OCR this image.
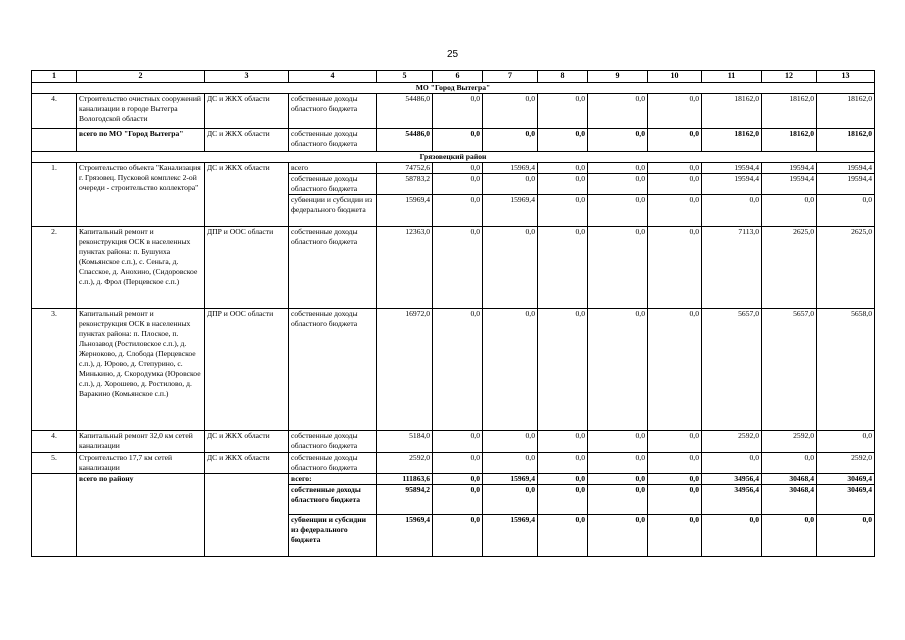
25
1	2	3	4	5	6	7	8	9	10	11	12	13
МО "Город Вытегра"												
4.	Строительство очистных сооружений канализации в городе Вытегра Вологодской области	ДС и ЖКХ области	собственные доходы областного бюджета	54486,0	0,0	0,0	0,0	0,0	0,0	18162,0	18162,0	18162,0
	всего по МО "Город Вытегра"	ДС и ЖКХ области	собственные доходы областного бюджета	54486,0	0,0	0,0	0,0	0,0	0,0	18162,0	18162,0	18162,0
Грязовецкий район												
1.	Строительство объекта "Канализация г. Грязовец. Пусковой комплекс 2-ой очереди - строительство коллектора"	ДС и ЖКХ области	всего	74752,6	0,0	15969,4	0,0	0,0	0,0	19594,4	19594,4	19594,4
			собственные доходы областного бюджета	58783,2	0,0	0,0	0,0	0,0	0,0	19594,4	19594,4	19594,4
			субвенции и субсидии из федерального бюджета	15969,4	0,0	15969,4	0,0	0,0	0,0	0,0	0,0	0,0
2.	Капитальный ремонт и реконструкция ОСК в населенных пунктах района: п. Бушуиха (Комьянское с.п.), с. Сеньга, д. Спасское, д. Анохино, (Сидоровское с.п.), д. Фрол (Перцевское с.п.)	ДПР и ООС области	собственные доходы областного бюджета	12363,0	0,0	0,0	0,0	0,0	0,0	7113,0	2625,0	2625,0
3.	Капитальный ремонт и реконструкция ОСК в населенных пунктах района: п. Плоское, п. Льнозавод (Ростиловское с.п.), д. Жерноково, д. Слобода (Перцевское с.п.), д. Юрово, д. Степурино, с. Минькино, д. Скородумка (Юровское с.п.), д. Хорошево, д. Ростилово, д. Варакино (Комьянское с.п.)	ДПР и ООС области	собственные доходы областного бюджета	16972,0	0,0	0,0	0,0	0,0	0,0	5657,0	5657,0	5658,0
4.	Капитальный ремонт 32,0 км сетей канализации	ДС и ЖКХ области	собственные доходы областного бюджета	5184,0	0,0	0,0	0,0	0,0	0,0	2592,0	2592,0	0,0
5.	Строительство 17,7 км сетей канализации	ДС и ЖКХ области	собственные доходы областного бюджета	2592,0	0,0	0,0	0,0	0,0	0,0	0,0	0,0	2592,0
	всего по району		всего:	111863,6	0,0	15969,4	0,0	0,0	0,0	34956,4	30468,4	30469,4
			собственные доходы областного бюджета	95894,2	0,0	0,0	0,0	0,0	0,0	34956,4	30468,4	30469,4
			субвенции и субсидии из федерального бюджета	15969,4	0,0	15969,4	0,0	0,0	0,0	0,0	0,0	0,0
